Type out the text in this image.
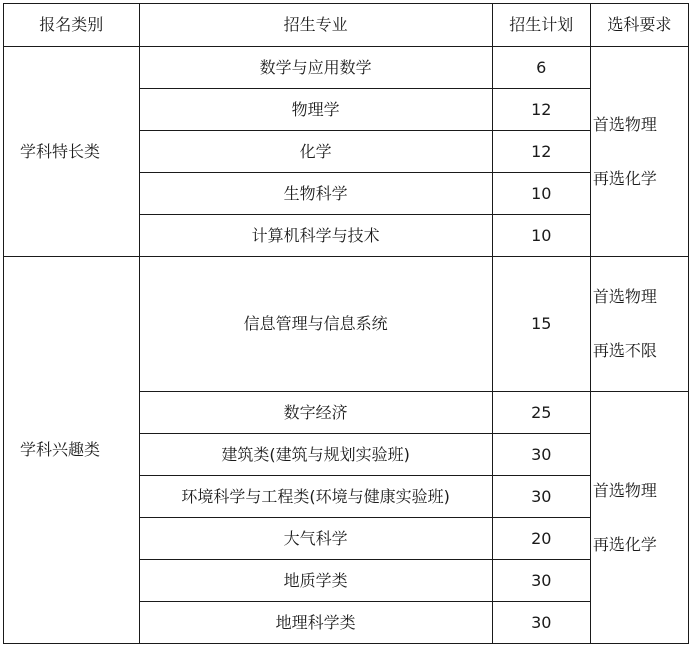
报名类别	招生专业	招生计划	选科要求
学科特长类	数学与应用数学	6	首选物理
再选化学

	物理学	12	
	化学	12	
	生物科学	10	
	计算机科学与技术	10	
学科兴趣类	信息管理与信息系统	15	首选物理
再选不限

	数字经济	25	首选物理
再选化学

	建筑类(建筑与规划实验班)	30	
	环境科学与工程类(环境与健康实验班)	30	
	大气科学	20	
	地质学类	30	
	地理科学类	30	
